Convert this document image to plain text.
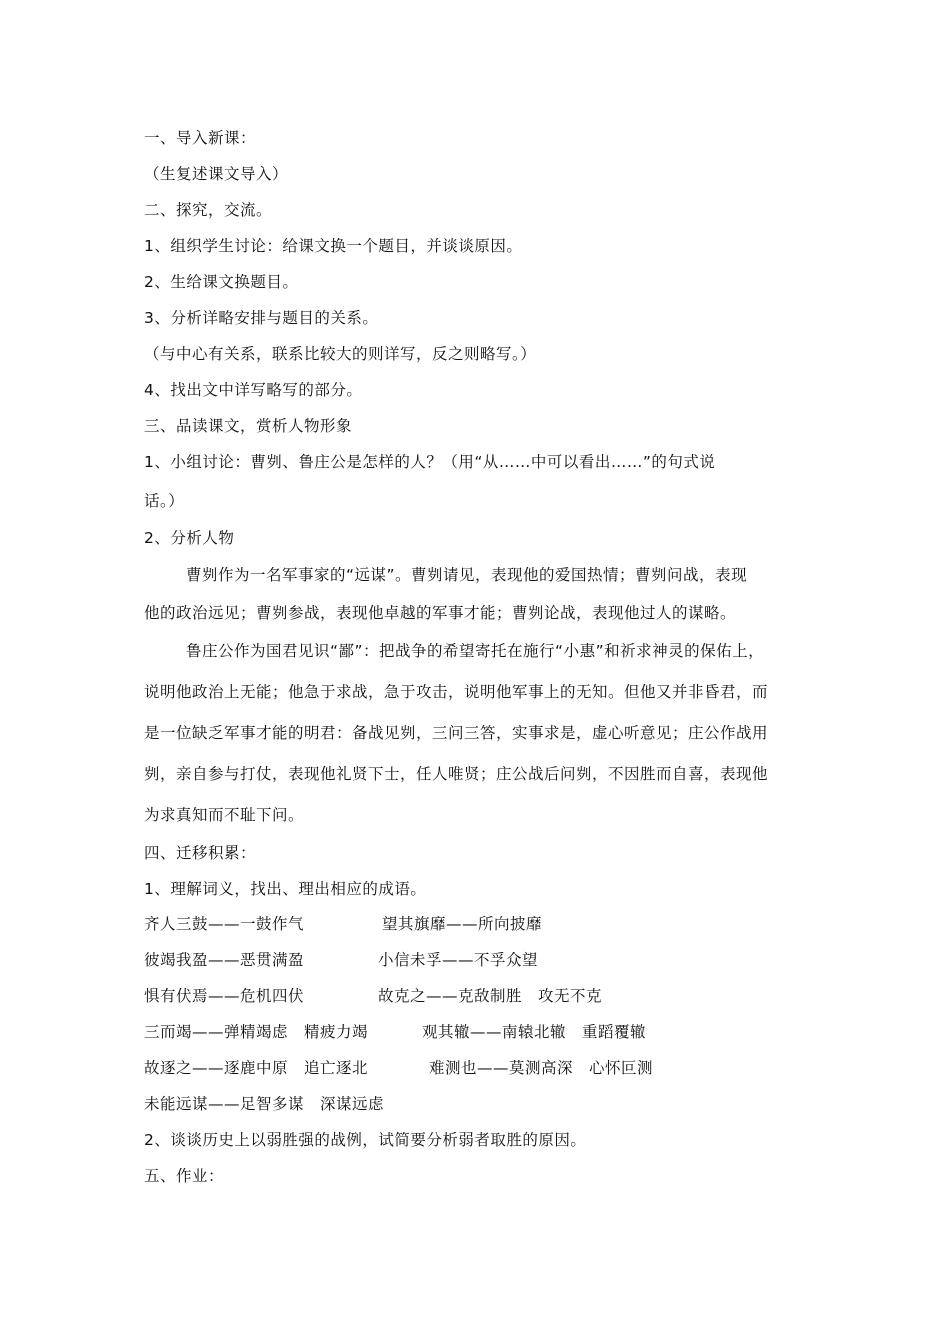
一、导入新课：
（生复述课文导入）
二、探究，交流。
1、组织学生讨论：给课文换一个题目，并谈谈原因。
2、生给课文换题目。
3、分析详略安排与题目的关系。
（与中心有关系，联系比较大的则详写，反之则略写。）
4、找出文中详写略写的部分。
三、品读课文，赏析人物形象
1、小组讨论：曹刿、鲁庄公是怎样的人？（用“从……中可以看出……”的句式说
话。）
2、分析人物
曹刿作为一名军事家的“远谋”。曹刿请见，表现他的爱国热情；曹刿问战，表现
他的政治远见；曹刿参战，表现他卓越的军事才能；曹刿论战，表现他过人的谋略。
鲁庄公作为国君见识“鄙”：把战争的希望寄托在施行“小惠”和祈求神灵的保佑上，
说明他政治上无能；他急于求战，急于攻击，说明他军事上的无知。但他又并非昏君，而
是一位缺乏军事才能的明君：备战见刿，三问三答，实事求是，虚心听意见；庄公作战用
刿，亲自参与打仗，表现他礼贤下士，任人唯贤；庄公战后问刿，不因胜而自喜，表现他
为求真知而不耻下问。
四、迁移积累：
1、理解词义，找出、理出相应的成语。
齐人三鼓——一鼓作气	望其旗靡——所向披靡
彼竭我盈——恶贯满盈	小信未孚——不孚众望
惧有伏焉——危机四伏	故克之——克敌制胜　攻无不克
三而竭——弹精竭虑　精疲力竭	观其辙——南辕北辙　重蹈覆辙
故逐之——逐鹿中原　追亡逐北	难测也——莫测高深　心怀叵测
未能远谋——足智多谋　深谋远虑
2、谈谈历史上以弱胜强的战例，试简要分析弱者取胜的原因。
五、作业：
